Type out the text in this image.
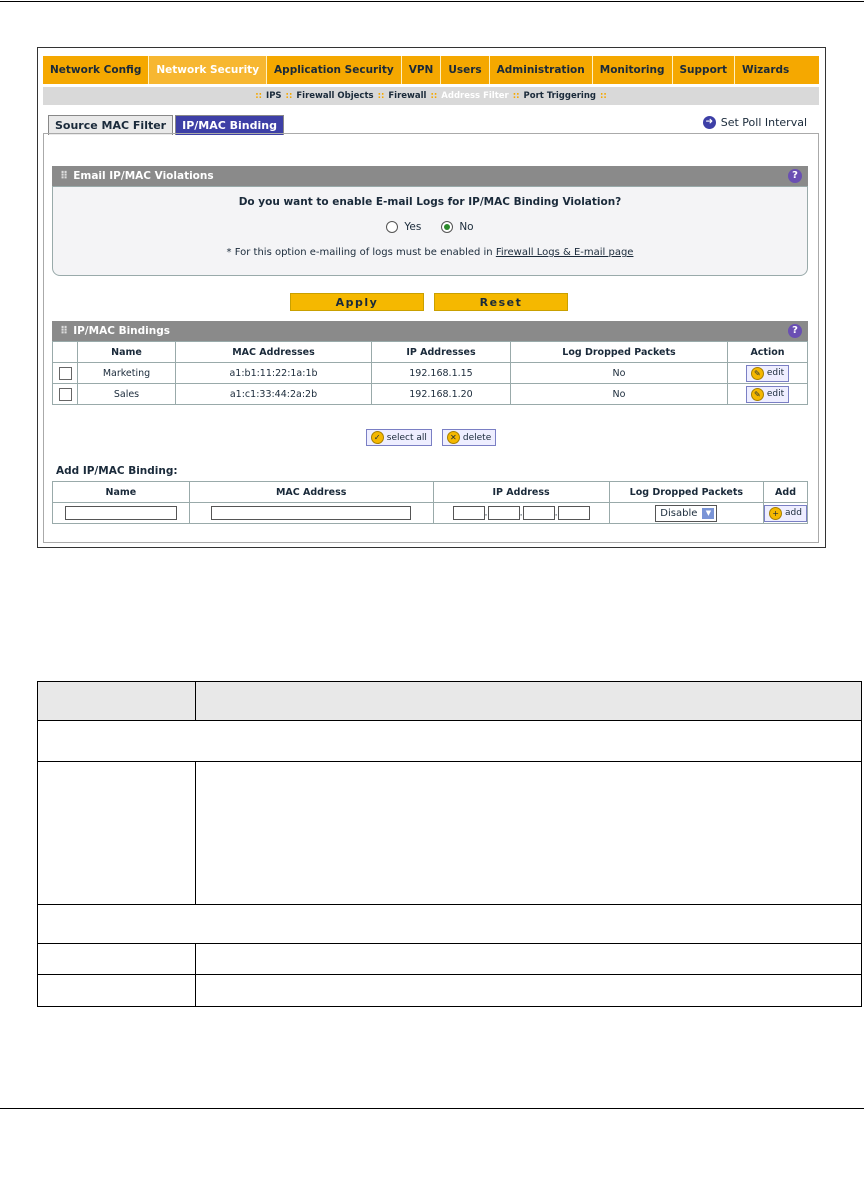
Network Config	Network Security	Application Security	VPN	Users	Administration	Monitoring	Support	Wizards
:: IPS :: Firewall Objects :: Firewall :: Address Filter :: Port Triggering ::
Source MAC Filter	IP/MAC Binding	➜ Set Poll Interval
⠿ Email IP/MAC Violations	?
Do you want to enable E-mail Logs for IP/MAC Binding Violation?
Yes	No
* For this option e-mailing of logs must be enabled in Firewall Logs & E-mail page
Apply	Reset
⠿ IP/MAC Bindings	?
	Name	MAC Addresses	IP Addresses	Log Dropped Packets	Action
	Marketing	a1:b1:11:22:1a:1b	192.168.1.15	No	✎ edit

	Sales	a1:c1:33:44:2a:2b	192.168.1.20	No	✎ edit
✓ select all	✕ delete
Add IP/MAC Binding:
Name	MAC Address	IP Address	Log Dropped Packets	Add
		. . .	Disable ▼	+ add
